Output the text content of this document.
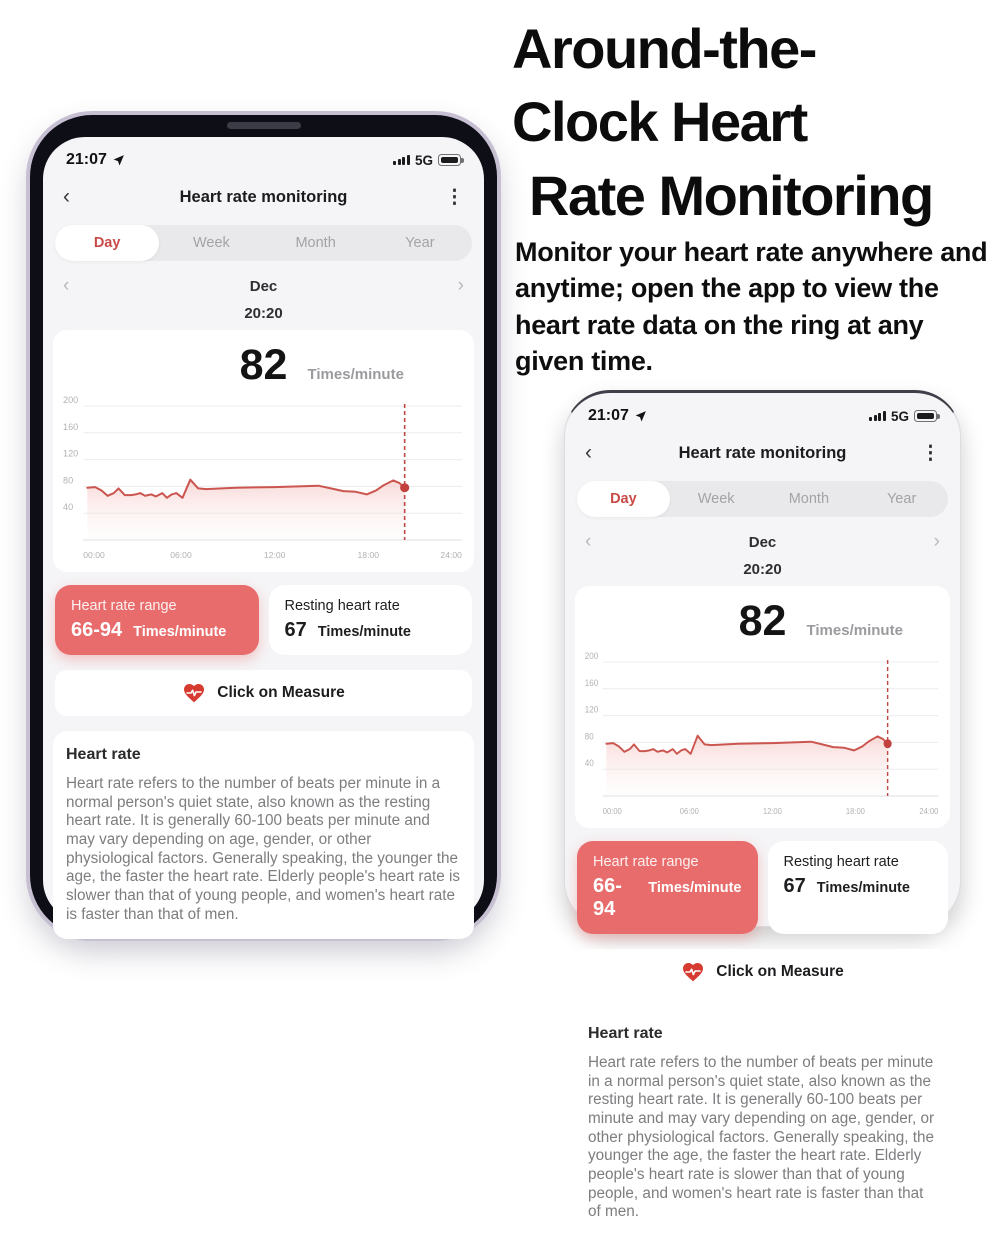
21:07	5G
‹	Heart rate monitoring	⋮
Day	Week	Month	Year
‹	Dec	›
20:20
82 Times/minute
200
160
120
80
40
00:00	06:00	12:00	18:00	24:00
Heart rate range
66-94 Times/minute
Resting heart rate
67 Times/minute
Click on Measure
Heart rate
Heart rate refers to the number of beats per minute in a normal person's quiet state, also known as the resting heart rate. It is generally 60-100 beats per minute and may vary depending on age, gender, or other physiological factors. Generally speaking, the younger the age, the faster the heart rate. Elderly people's heart rate is slower than that of young people, and women's heart rate is faster than that of men.
Around-the-
Clock Heart
Rate Monitoring
Monitor your heart rate anywhere and anytime; open the app to view the heart rate data on the ring at any given time.
21:07	5G
‹	Heart rate monitoring	⋮
Day	Week	Month	Year
‹	Dec	›
20:20
82 Times/minute
200
160
120
80
40
00:00	06:00	12:00	18:00	24:00
Heart rate range
66-94
Times/minute
Resting heart rate
67 Times/minute
Click on Measure
Heart rate
Heart rate refers to the number of beats per minute in a normal person's quiet state, also known as the resting heart rate. It is generally 60-100 beats per minute and may vary depending on age, gender, or other physiological factors. Generally speaking, the younger the age, the faster the heart rate. Elderly people's heart rate is slower than that of young people, and women's heart rate is faster than that of men.
